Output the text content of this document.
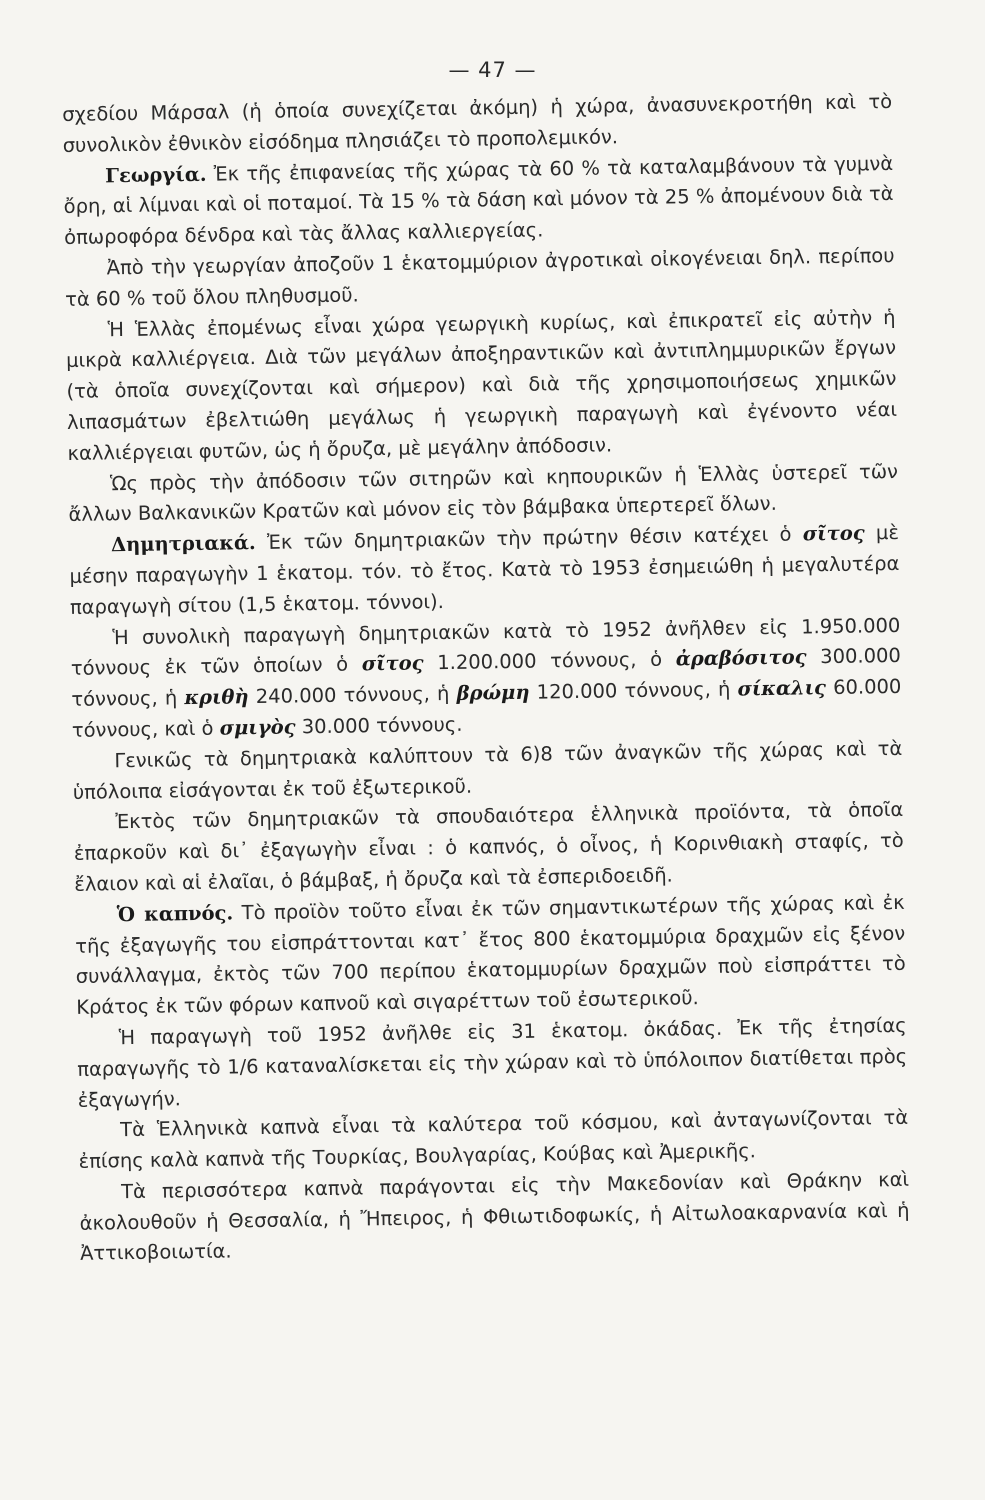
— 47 —

σχεδίου Μάρσαλ (ἡ ὁποία συνεχίζεται ἀκόμη) ἡ χώρα, ἀνασυνεκροτήθη καὶ τὸ συνολικὸν ἐθνικὸν εἰσόδημα πλησιάζει τὸ προπολεμικόν.

Γεωργία. Ἐκ τῆς ἐπιφανείας τῆς χώρας τὰ 60 % τὰ καταλαμβάνουν τὰ γυμνὰ ὄρη, αἱ λίμναι καὶ οἱ ποταμοί. Τὰ 15 % τὰ δάση καὶ μόνον τὰ 25 % ἀπομένουν διὰ τὰ ὀπωροφόρα δένδρα καὶ τὰς ἄλλας καλλιεργείας.

Ἀπὸ τὴν γεωργίαν ἀποζοῦν 1 ἑκατομμύριον ἀγροτικαὶ οἰκογένειαι δηλ. περίπου τὰ 60 % τοῦ ὅλου πληθυσμοῦ.

Ἡ Ἑλλὰς ἐπομένως εἶναι χώρα γεωργικὴ κυρίως, καὶ ἐπικρατεῖ εἰς αὐτὴν ἡ μικρὰ καλλιέργεια. Διὰ τῶν μεγάλων ἀποξηραντικῶν καὶ ἀντιπλημμυρικῶν ἔργων (τὰ ὁποῖα συνεχίζονται καὶ σήμερον) καὶ διὰ τῆς χρησιμοποιήσεως χημικῶν λιπασμάτων ἐβελτιώθη μεγάλως ἡ γεωργικὴ παραγωγὴ καὶ ἐγένοντο νέαι καλλιέργειαι φυτῶν, ὡς ἡ ὄρυζα, μὲ μεγάλην ἀπόδοσιν.

Ὡς πρὸς τὴν ἀπόδοσιν τῶν σιτηρῶν καὶ κηπουρικῶν ἡ Ἑλλὰς ὑστερεῖ τῶν ἄλλων Βαλκανικῶν Κρατῶν καὶ μόνον εἰς τὸν βάμβακα ὑπερτερεῖ ὅλων.

Δημητριακά. Ἐκ τῶν δημητριακῶν τὴν πρώτην θέσιν κατέχει ὁ σῖτος μὲ μέσην παραγωγὴν 1 ἑκατομ. τόν. τὸ ἔτος. Κατὰ τὸ 1953 ἐσημειώθη ἡ μεγαλυτέρα παραγωγὴ σίτου (1,5 ἑκατομ. τόννοι).

Ἡ συνολικὴ παραγωγὴ δημητριακῶν κατὰ τὸ 1952 ἀνῆλθεν εἰς 1.950.000 τόννους ἐκ τῶν ὁποίων ὁ σῖτος 1.200.000 τόννους, ὁ ἀραβόσιτος 300.000 τόννους, ἡ κριθὴ 240.000 τόννους, ἡ βρώμη 120.000 τόννους, ἡ σίκαλις 60.000 τόννους, καὶ ὁ σμιγὸς 30.000 τόννους.

Γενικῶς τὰ δημητριακὰ καλύπτουν τὰ 6)8 τῶν ἀναγκῶν τῆς χώρας καὶ τὰ ὑπόλοιπα εἰσάγονται ἐκ τοῦ ἐξωτερικοῦ.

Ἐκτὸς τῶν δημητριακῶν τὰ σπουδαιότερα ἑλληνικὰ προϊόντα, τὰ ὁποῖα ἐπαρκοῦν καὶ δι᾽ ἐξαγωγὴν εἶναι : ὁ καπνός, ὁ οἶνος, ἡ Κορινθιακὴ σταφίς, τὸ ἔλαιον καὶ αἱ ἐλαῖαι, ὁ βάμβαξ, ἡ ὄρυζα καὶ τὰ ἐσπεριδοειδῆ.

Ὁ καπνός. Τὸ προϊὸν τοῦτο εἶναι ἐκ τῶν σημαντικωτέρων τῆς χώρας καὶ ἐκ τῆς ἐξαγωγῆς του εἰσπράττονται κατ᾽ ἔτος 800 ἑκατομμύρια δραχμῶν εἰς ξένον συνάλλαγμα, ἐκτὸς τῶν 700 περίπου ἑκατομμυρίων δραχμῶν ποὺ εἰσπράττει τὸ Κράτος ἐκ τῶν φόρων καπνοῦ καὶ σιγαρέττων τοῦ ἐσωτερικοῦ.

Ἡ παραγωγὴ τοῦ 1952 ἀνῆλθε εἰς 31 ἑκατομ. ὀκάδας. Ἐκ τῆς ἐτησίας παραγωγῆς τὸ 1/6 καταναλίσκεται εἰς τὴν χώραν καὶ τὸ ὑπόλοιπον διατίθεται πρὸς ἐξαγωγήν.

Τὰ Ἑλληνικὰ καπνὰ εἶναι τὰ καλύτερα τοῦ κόσμου, καὶ ἀνταγωνίζονται τὰ ἐπίσης καλὰ καπνὰ τῆς Τουρκίας, Βουλγαρίας, Κούβας καὶ Ἀμερικῆς.

Τὰ περισσότερα καπνὰ παράγονται εἰς τὴν Μακεδονίαν καὶ Θράκην καὶ ἀκολουθοῦν ἡ Θεσσαλία, ἡ Ἤπειρος, ἡ Φθιωτιδοφωκίς, ἡ Αἰτωλοακαρνανία καὶ ἡ Ἀττικοβοιωτία.
